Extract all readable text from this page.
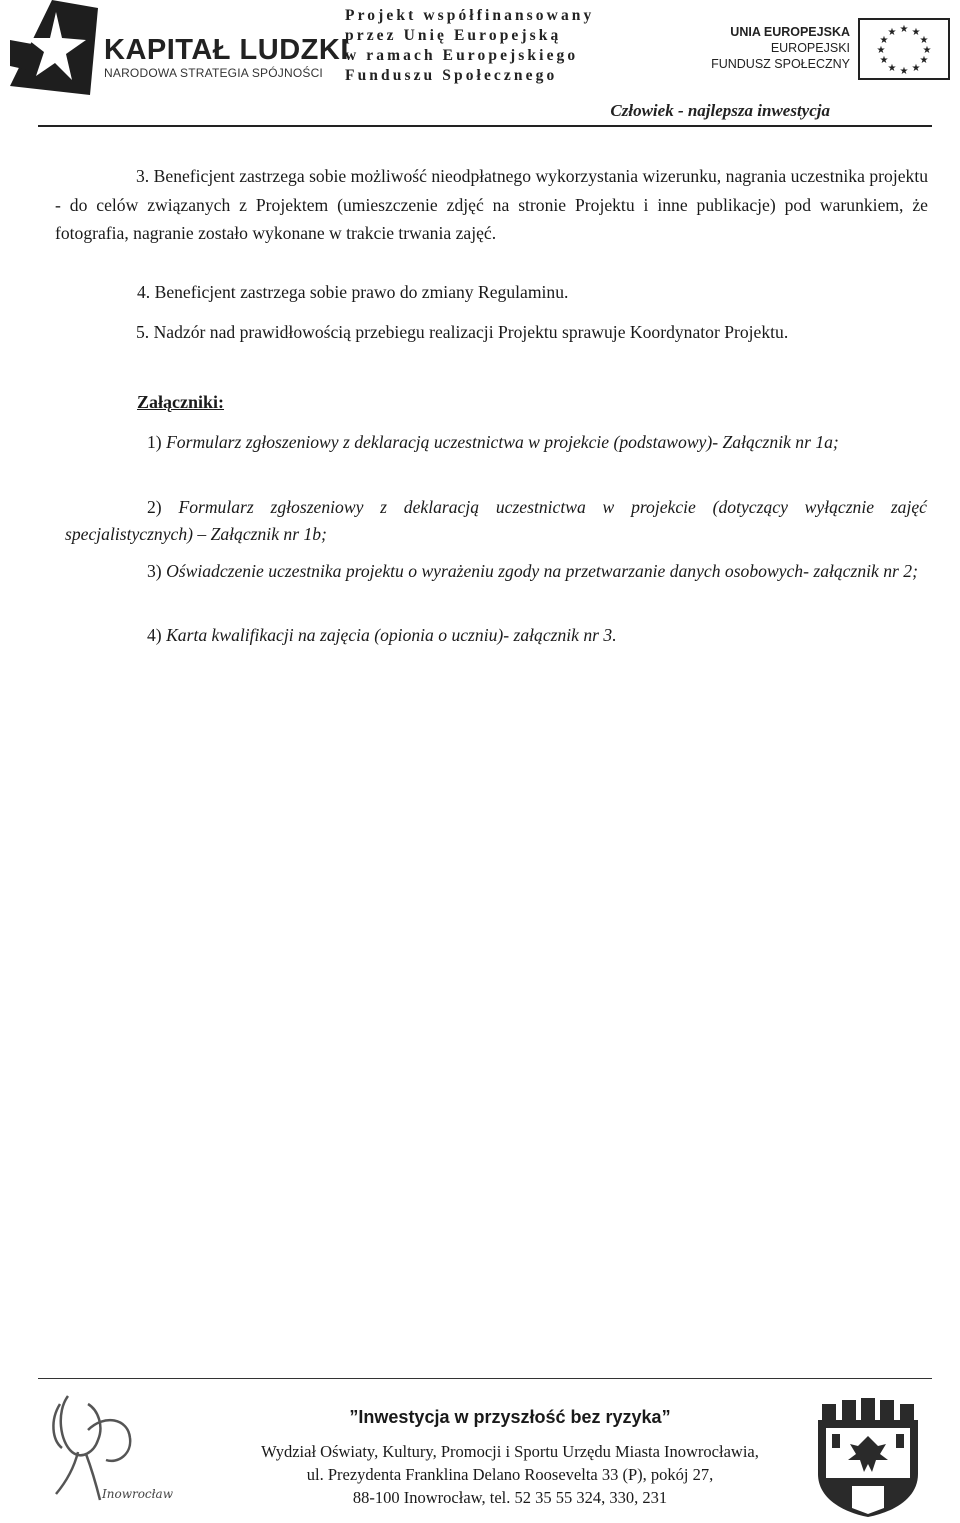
KAPITAŁ LUDZKI
NARODOWA STRATEGIA SPÓJNOŚCI
Projekt współfinansowany
przez Unię Europejską
w ramach Europejskiego
Funduszu Społecznego
UNIA EUROPEJSKA
EUROPEJSKI
FUNDUSZ SPOŁECZNY
★ ★
★
★
★
★
★
★
★
★
★
★
Człowiek - najlepsza inwestycja
3. Beneficjent zastrzega sobie możliwość nieodpłatnego wykorzystania wizerunku, nagrania uczestnika projektu - do celów związanych z Projektem (umieszczenie zdjęć na stronie Projektu i inne publikacje) pod warunkiem, że fotografia, nagranie zostało wykonane w trakcie trwania zajęć.
4. Beneficjent zastrzega sobie prawo do zmiany Regulaminu.
5. Nadzór nad prawidłowością przebiegu realizacji Projektu sprawuje Koordynator Projektu.
Załączniki:
1) Formularz zgłoszeniowy z deklaracją uczestnictwa w projekcie (podstawowy)- Załącznik nr 1a;
2) Formularz zgłoszeniowy z deklaracją uczestnictwa w projekcie (dotyczący wyłącznie zajęć specjalistycznych) – Załącznik nr 1b;
3) Oświadczenie uczestnika projektu o wyrażeniu zgody na przetwarzanie danych osobowych- załącznik nr 2;
4) Karta kwalifikacji na zajęcia (opionia o uczniu)- załącznik nr 3.
Inowrocław
”Inwestycja w przyszłość bez ryzyka”
Wydział Oświaty, Kultury, Promocji i Sportu Urzędu Miasta Inowrocławia,
ul. Prezydenta Franklina Delano Roosevelta 33 (P), pokój 27,
88-100 Inowrocław, tel. 52 35 55 324, 330, 231
